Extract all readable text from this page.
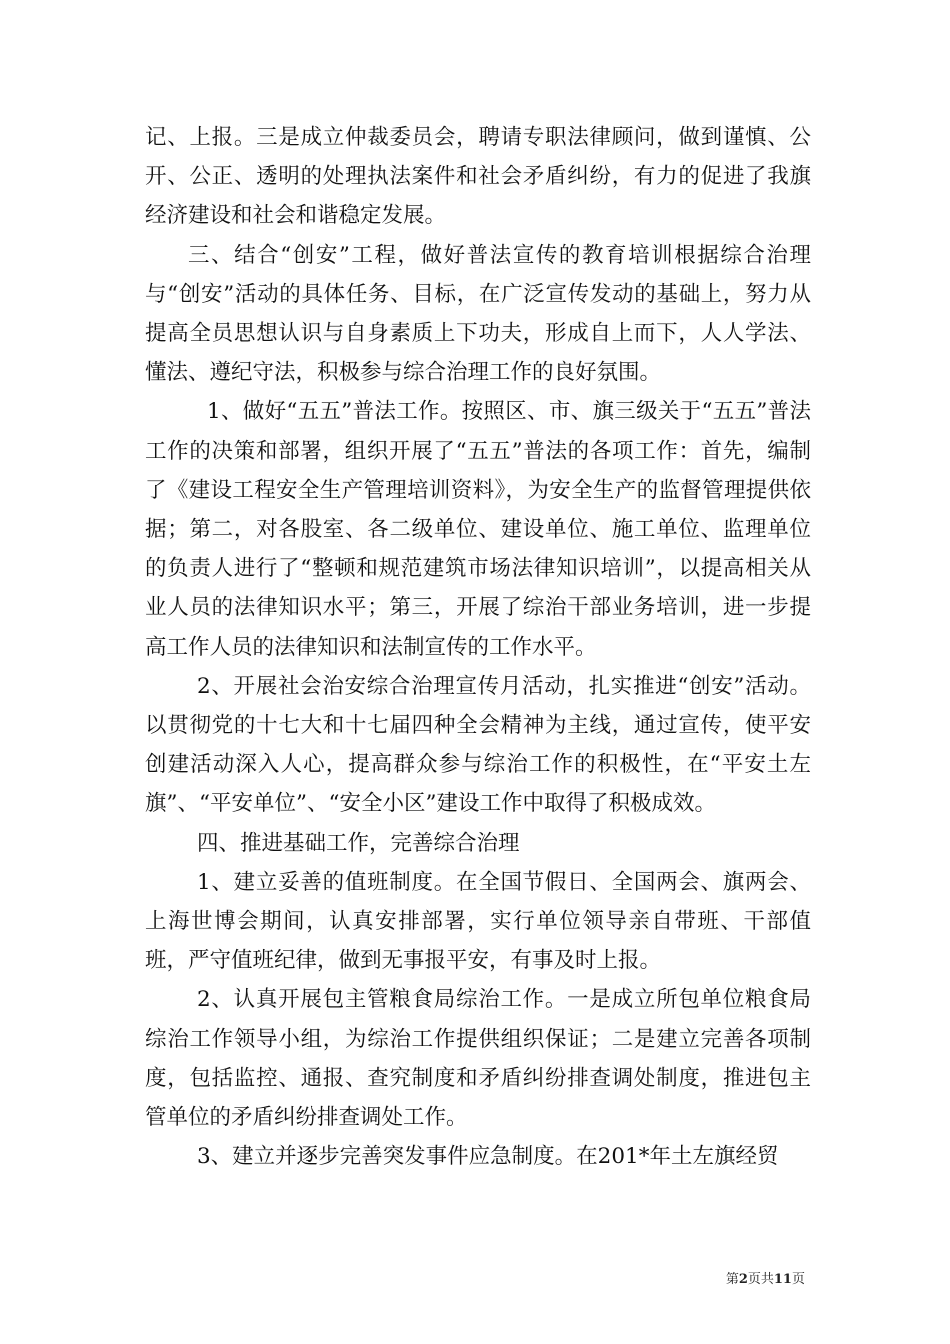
记、上报。三是成立仲裁委员会，聘请专职法律顾问，做到谨慎、公开、公正、透明的处理执法案件和社会矛盾纠纷，有力的促进了我旗经济建设和社会和谐稳定发展。

三、结合“创安”工程，做好普法宣传的教育培训根据综合治理与“创安”活动的具体任务、目标，在广泛宣传发动的基础上，努力从提高全员思想认识与自身素质上下功夫，形成自上而下，人人学法、懂法、遵纪守法，积极参与综合治理工作的良好氛围。

1、做好“五五”普法工作。按照区、市、旗三级关于“五五”普法工作的决策和部署，组织开展了“五五”普法的各项工作：首先，编制了《建设工程安全生产管理培训资料》，为安全生产的监督管理提供依据；第二，对各股室、各二级单位、建设单位、施工单位、监理单位的负责人进行了“整顿和规范建筑市场法律知识培训”，以提高相关从业人员的法律知识水平；第三，开展了综治干部业务培训，进一步提高工作人员的法律知识和法制宣传的工作水平。

2、开展社会治安综合治理宣传月活动，扎实推进“创安”活动。以贯彻党的十七大和十七届四种全会精神为主线，通过宣传，使平安创建活动深入人心，提高群众参与综治工作的积极性，在“平安土左旗”、“平安单位”、“安全小区”建设工作中取得了积极成效。

四、推进基础工作，完善综合治理

1、建立妥善的值班制度。在全国节假日、全国两会、旗两会、上海世博会期间，认真安排部署，实行单位领导亲自带班、干部值班，严守值班纪律，做到无事报平安，有事及时上报。

2、认真开展包主管粮食局综治工作。一是成立所包单位粮食局综治工作领导小组，为综治工作提供组织保证；二是建立完善各项制度，包括监控、通报、查究制度和矛盾纠纷排查调处制度，推进包主管单位的矛盾纠纷排查调处工作。

3、建立并逐步完善突发事件应急制度。在201*年土左旗经贸

第2页共11页
